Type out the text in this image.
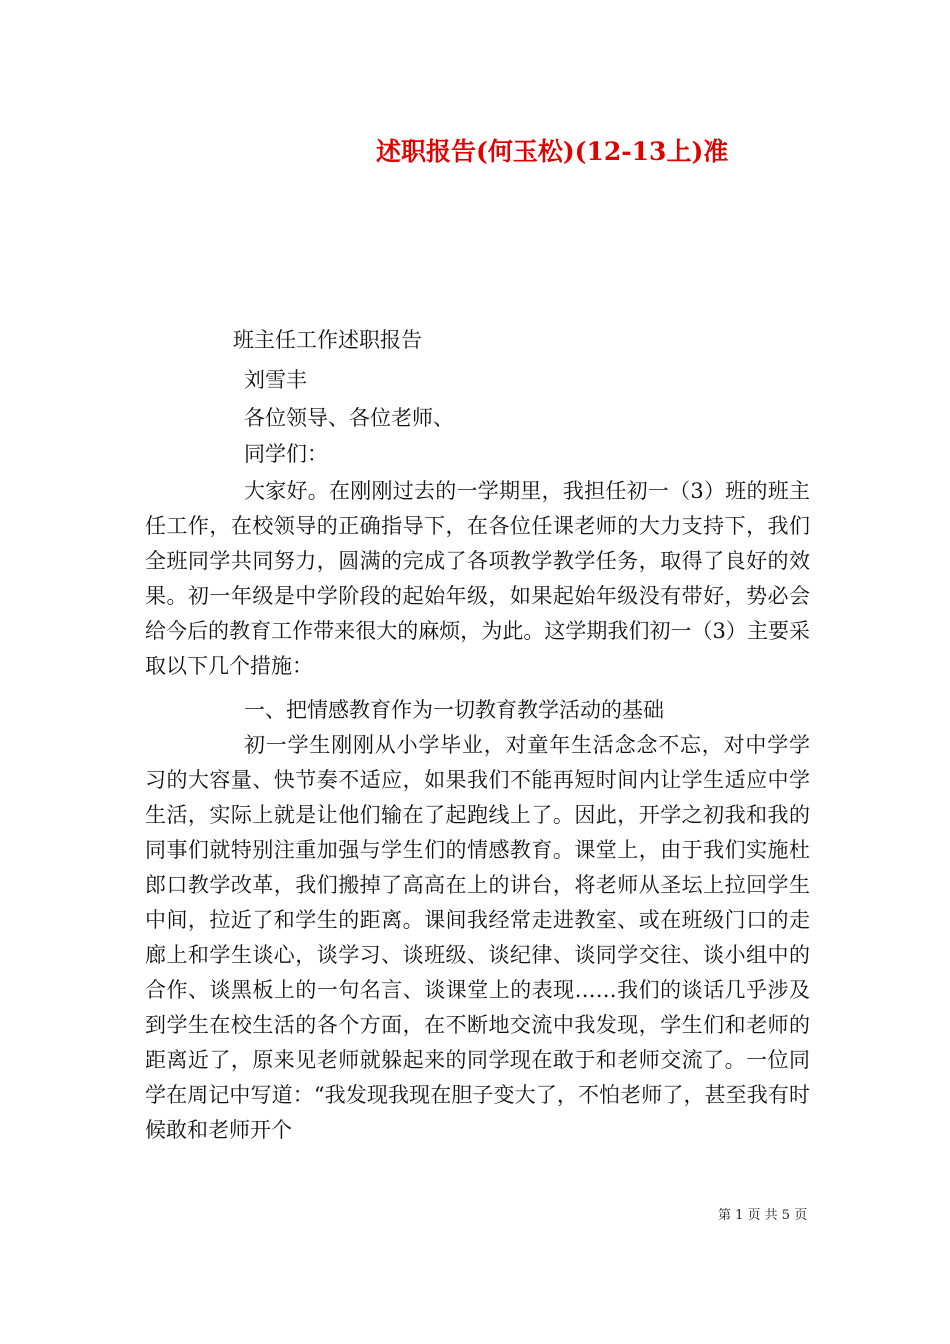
述职报告(何玉松)(12-13上)准
班主任工作述职报告
刘雪丰
各位领导、各位老师、
同学们：

大家好。在刚刚过去的一学期里，我担任初一（3）班的班主任工作，在校领导的正确指导下，在各位任课老师的大力支持下，我们全班同学共同努力，圆满的完成了各项教学教学任务，取得了良好的效果。初一年级是中学阶段的起始年级，如果起始年级没有带好，势必会给今后的教育工作带来很大的麻烦，为此。这学期我们初一（3）主要采取以下几个措施：

一、把情感教育作为一切教育教学活动的基础

初一学生刚刚从小学毕业，对童年生活念念不忘，对中学学习的大容量、快节奏不适应，如果我们不能再短时间内让学生适应中学生活，实际上就是让他们输在了起跑线上了。因此，开学之初我和我的同事们就特别注重加强与学生们的情感教育。课堂上，由于我们实施杜郎口教学改革，我们搬掉了高高在上的讲台，将老师从圣坛上拉回学生中间，拉近了和学生的距离。课间我经常走进教室、或在班级门口的走廊上和学生谈心，谈学习、谈班级、谈纪律、谈同学交往、谈小组中的合作、谈黑板上的一句名言、谈课堂上的表现……我们的谈话几乎涉及到学生在校生活的各个方面，在不断地交流中我发现，学生们和老师的距离近了，原来见老师就躲起来的同学现在敢于和老师交流了。一位同学在周记中写道：“我发现我现在胆子变大了，不怕老师了，甚至我有时候敢和老师开个

第 1 页 共 5 页
